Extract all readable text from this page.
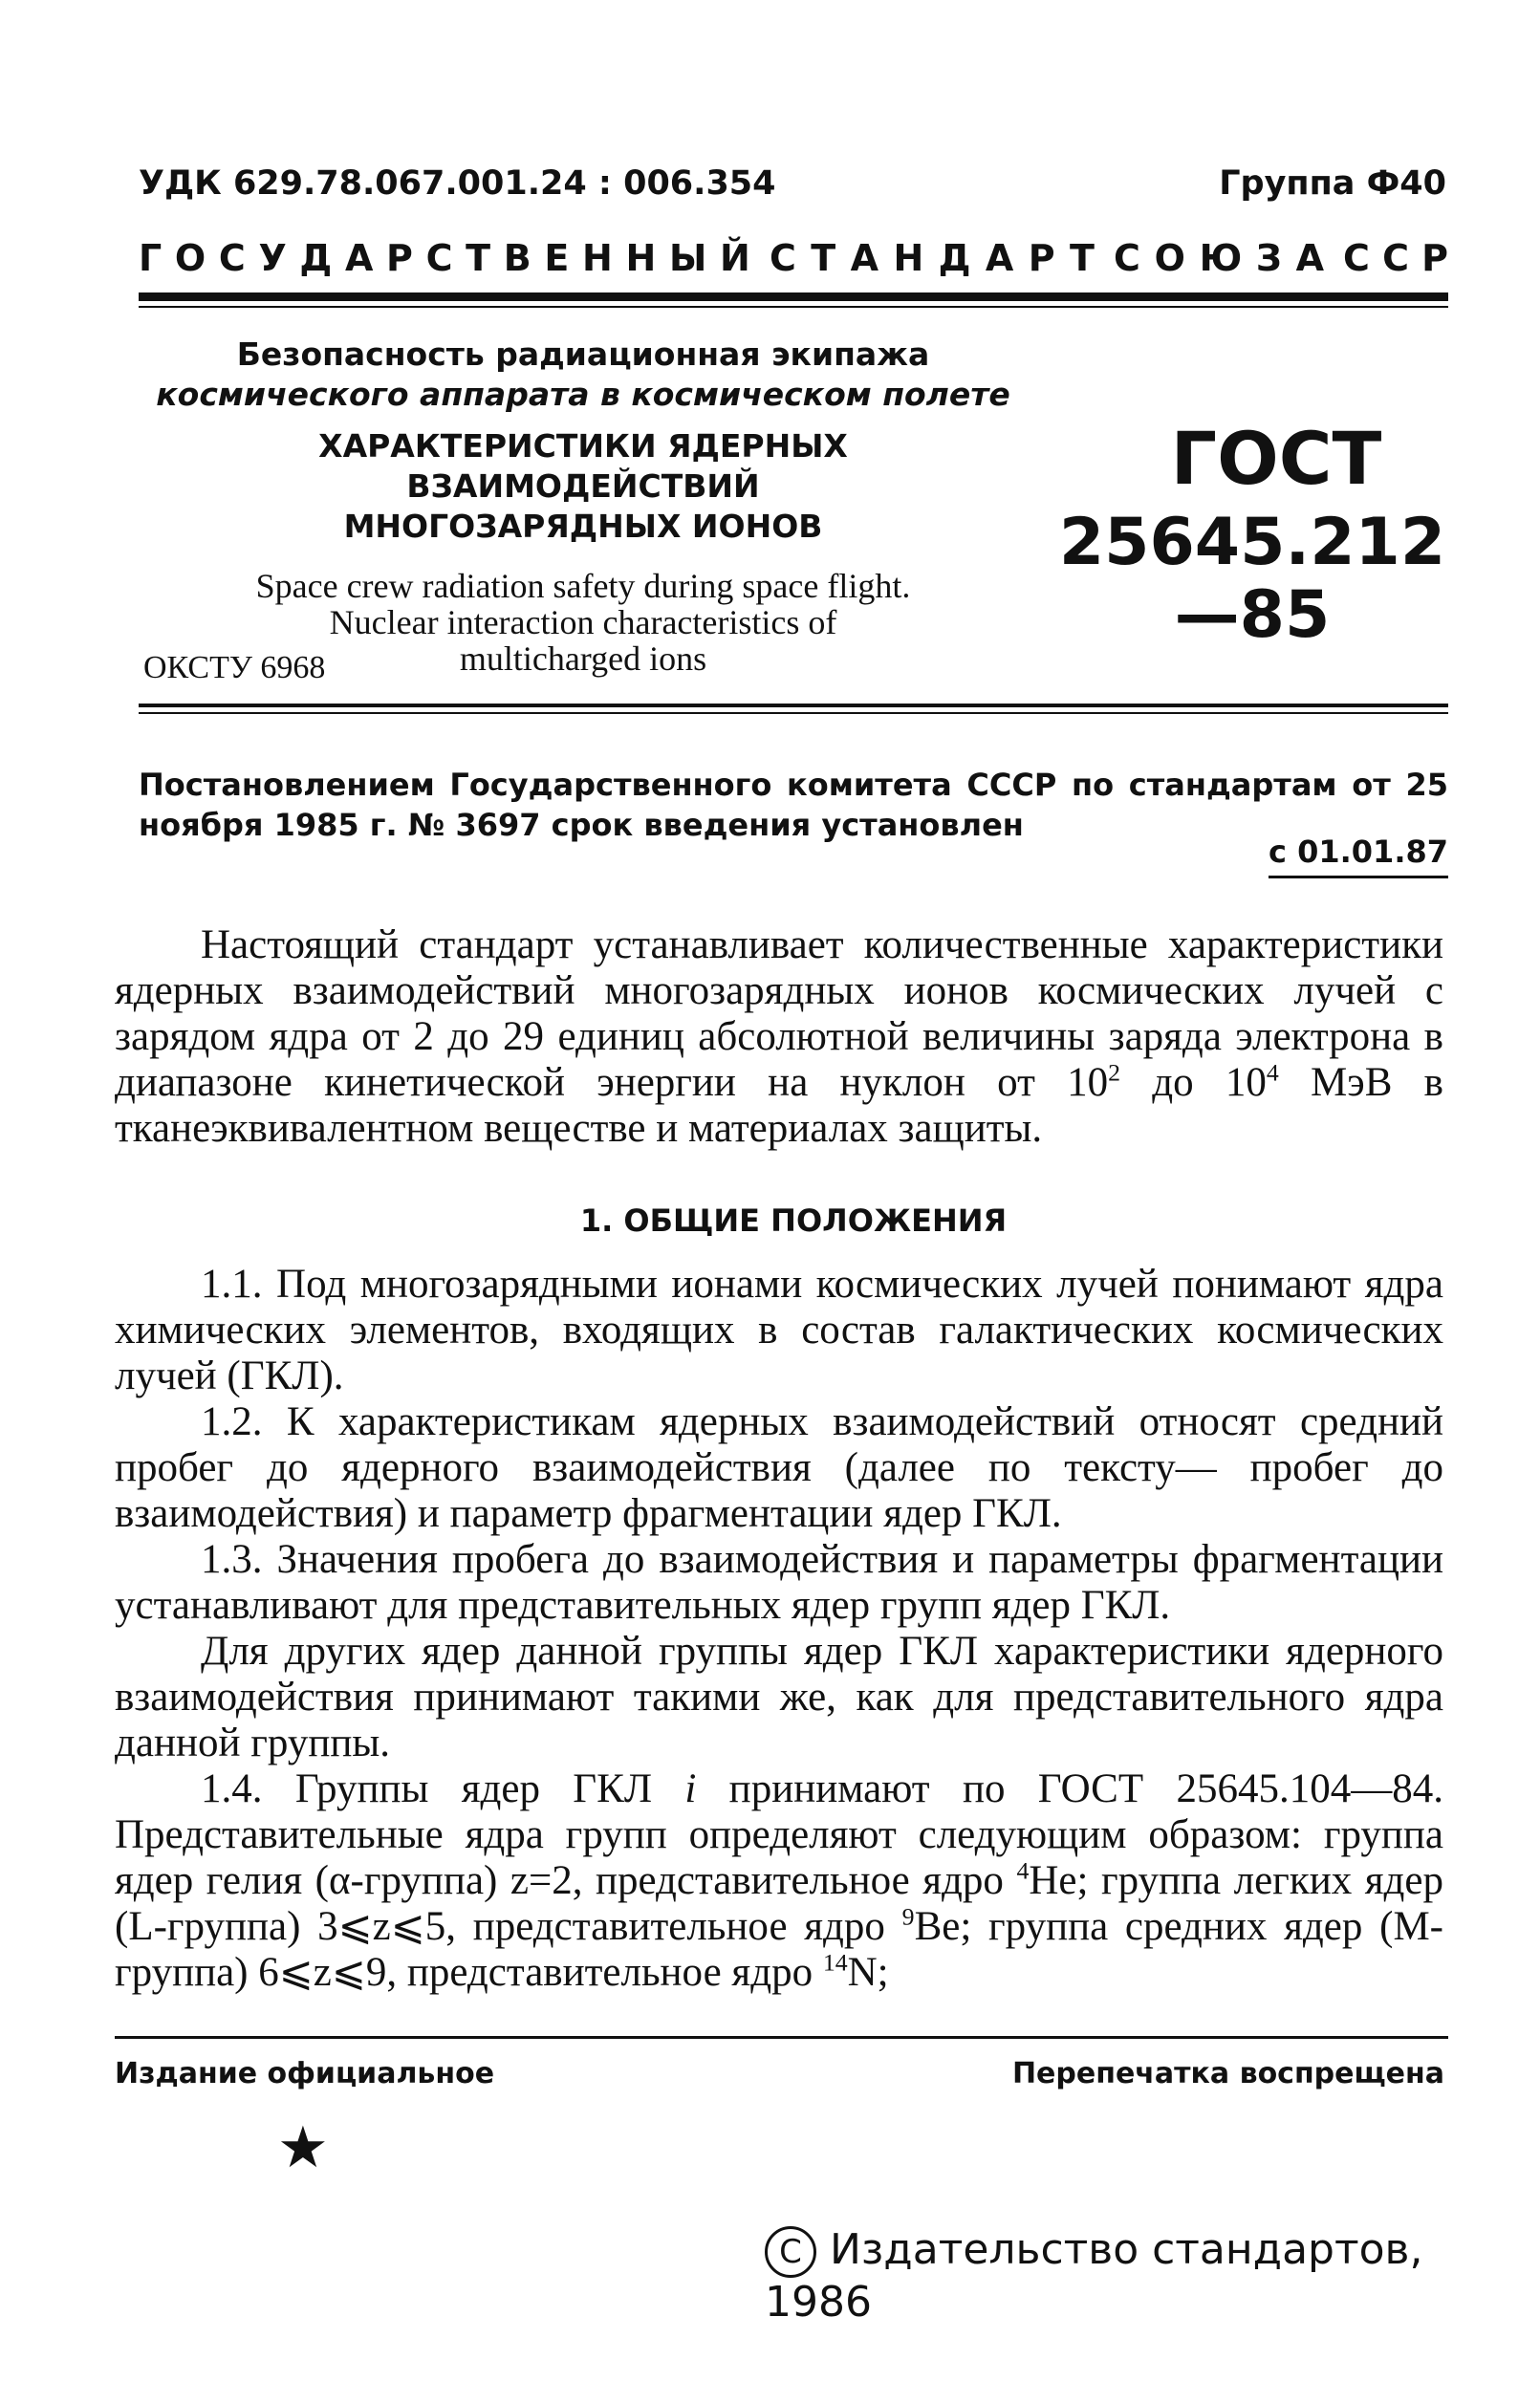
УДК 629.78.067.001.24 : 006.354	Группа Ф40
Г О С У Д А Р С Т В Е Н Н Ы Й С Т А Н Д А Р Т С О Ю З А С С Р
Безопасность радиационная экипажа
космического аппарата в космическом полете
ХАРАКТЕРИСТИКИ ЯДЕРНЫХ ВЗАИМОДЕЙСТВИЙ
МНОГОЗАРЯДНЫХ ИОНОВ
Space crew radiation safety during space flight.
Nuclear interaction characteristics of
multicharged ions
ГОСТ
25645.212—85
ОКСТУ 6968
Постановлением Государственного комитета СССР по стандартам от 25 ноября 1985 г. № 3697 срок введения установлен
с 01.01.87

Настоящий стандарт устанавливает количественные характеристики ядерных взаимодействий многозарядных ионов космических лучей с зарядом ядра от 2 до 29 единиц абсолютной величины заряда электрона в диапазоне кинетической энергии на нуклон от $10^2$ до $10^4$ МэВ в тканеэквивалентном веществе и материалах защиты.

1. ОБЩИЕ ПОЛОЖЕНИЯ

1.1. Под многозарядными ионами космических лучей понимают ядра химических элементов, входящих в состав галактических космических лучей (ГКЛ).

1.2. К характеристикам ядерных взаимодействий относят средний пробег до ядерного взаимодействия (далее по тексту— пробег до взаимодействия) и параметр фрагментации ядер ГКЛ.

1.3. Значения пробега до взаимодействия и параметры фрагментации устанавливают для представительных ядер групп ядер ГКЛ.

Для других ядер данной группы ядер ГКЛ характеристики ядерного взаимодействия принимают такими же, как для представительного ядра данной группы.

1.4. Группы ядер ГКЛ i принимают по ГОСТ 25645.104—84. Представительные ядра групп определяют следующим образом: группа ядер гелия (α-группа) z=2, представительное ядро $^4$He; группа легких ядер (L-группа) 3⩽z⩽5, представительное ядро $^9$Be; группа средних ядер (M-группа) 6⩽z⩽9, представительное ядро $^{14}$N;

Издание официальное	Перепечатка воспрещена
★
C Издательство стандартов, 1986
